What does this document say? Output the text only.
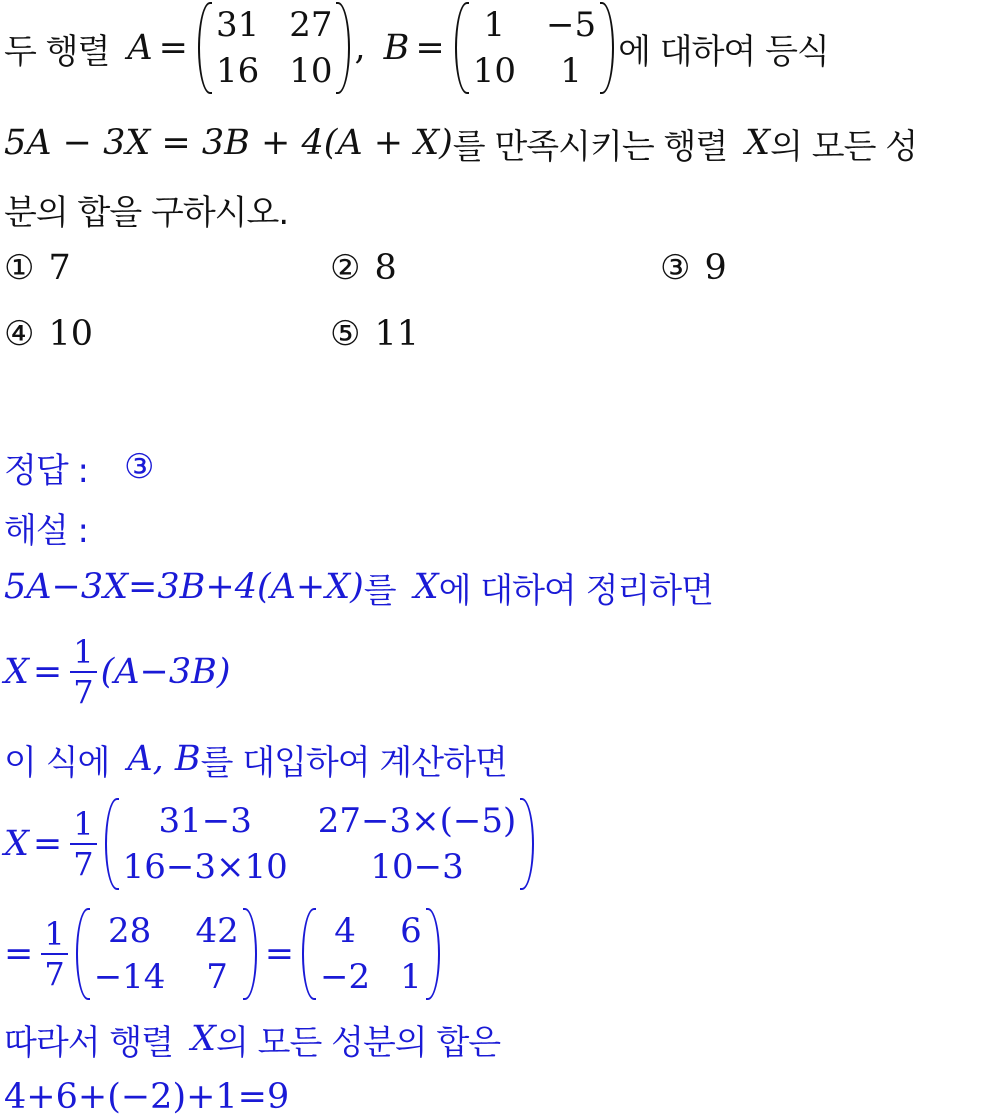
두 행렬 A =
31 27
16 10
, B =
1	−5
10	1	에 대하여 등식
5A − 3X = 3B + 4(A + X) 를 만족시키는 행렬 X 의 모든 성
분의 합을 구하시오.
① 7	② 8	③ 9
④ 10	⑤ 11
정답 : ③
해설 :
5A−3X=3B+4(A+X) 를 X 에 대하여 정리하면
$X = \frac{1}{7} (A-3B)$
이 식에 A, B 를 대입하여 계산하면
$X = \frac{1}{7}$	31−3	27−3×(−5)
16−3×10	10−3
= $\frac{1}{7}$	28	42
−14	7
=
4	6
−2 1
따라서 행렬 X 의 모든 성분의 합은
4+6+(−2)+1=9
